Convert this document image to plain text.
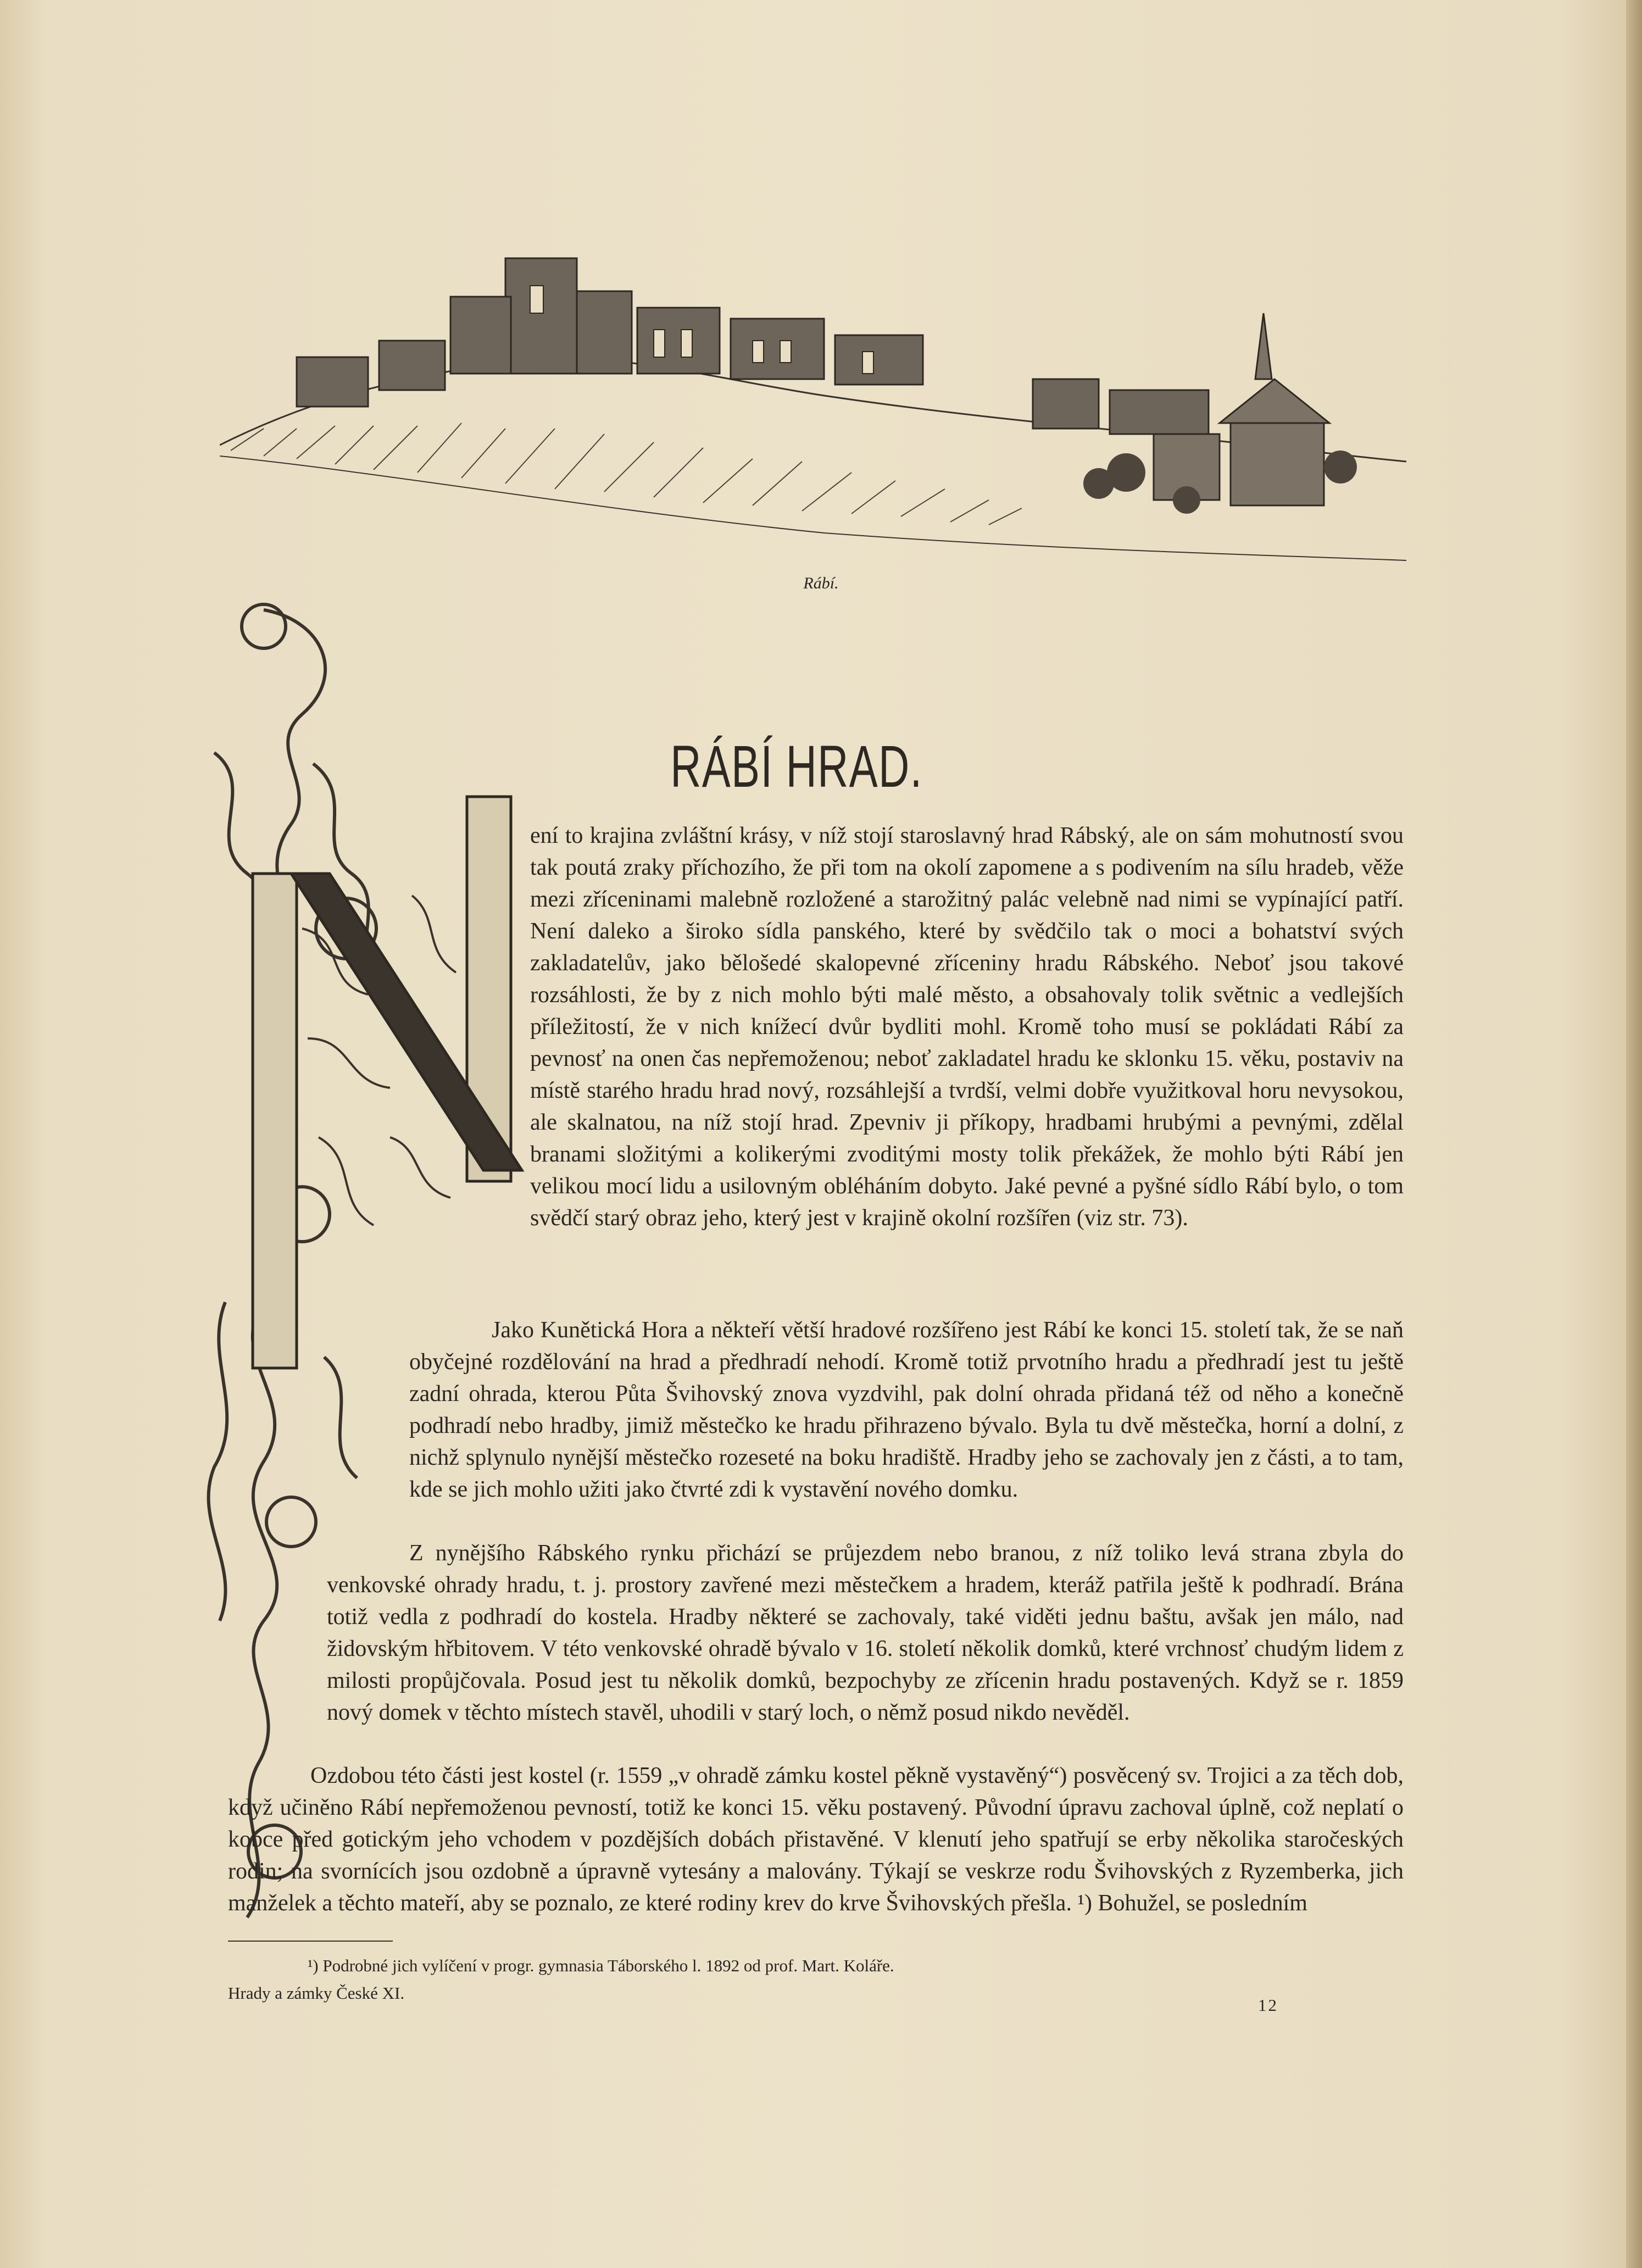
Rábí.
RÁBÍ HRAD.

ení to krajina zvláštní krásy, v níž stojí staroslavný hrad Rábský, ale on sám mohutností svou tak poutá zraky příchozího, že při tom na okolí zapomene a s podivením na sílu hradeb, věže mezi zříceninami malebně rozložené a starožitný palác velebně nad nimi se vypínající patří. Není daleko a široko sídla panského, které by svědčilo tak o moci a bohatství svých zakladatelův, jako bělošedé skalopevné zříceniny hradu Rábského. Neboť jsou takové rozsáhlosti, že by z nich mohlo býti malé město, a obsahovaly tolik světnic a vedlejších příležitostí, že v nich knížecí dvůr bydliti mohl. Kromě toho musí se pokládati Rábí za pevnosť na onen čas nepřemoženou; neboť zakladatel hradu ke sklonku 15. věku, postaviv na místě starého hradu hrad nový, rozsáhlejší a tvrdší, velmi dobře využitkoval horu nevysokou, ale skalnatou, na níž stojí hrad. Zpevniv ji příkopy, hradbami hrubými a pevnými, zdělal branami složitými a kolikerými zvoditými mosty tolik překážek, že mohlo býti Rábí jen velikou mocí lidu a usilovným obléháním dobyto. Jaké pevné a pyšné sídlo Rábí bylo, o tom svědčí starý obraz jeho, který jest v krajině okolní rozšířen (viz str. 73).

Jako Kunětická Hora a někteří větší hradové rozšířeno jest Rábí ke konci 15. století tak, že se naň obyčejné rozdělování na hrad a předhradí nehodí. Kromě totiž prvotního hradu a předhradí jest tu ještě zadní ohrada, kterou Půta Švihovský znova vyzdvihl, pak dolní ohrada přidaná též od něho a konečně podhradí nebo hradby, jimiž městečko ke hradu přihrazeno bývalo. Byla tu dvě městečka, horní a dolní, z nichž splynulo nynější městečko rozeseté na boku hradiště. Hradby jeho se zachovaly jen z části, a to tam, kde se jich mohlo užiti jako čtvrté zdi k vystavění nového domku.

Z nynějšího Rábského rynku přichází se průjezdem nebo branou, z níž toliko levá strana zbyla do venkovské ohrady hradu, t. j. prostory zavřené mezi městečkem a hradem, kteráž patřila ještě k podhradí. Brána totiž vedla z podhradí do kostela. Hradby některé se zachovaly, také viděti jednu baštu, avšak jen málo, nad židovským hřbitovem. V této venkovské ohradě bývalo v 16. století několik domků, které vrchnosť chudým lidem z milosti propůjčovala. Posud jest tu několik domků, bezpochyby ze zřícenin hradu postavených. Když se r. 1859 nový domek v těchto místech stavěl, uhodili v starý loch, o němž posud nikdo nevěděl.

Ozdobou této části jest kostel (r. 1559 „v ohradě zámku kostel pěkně vystavěný“) posvěcený sv. Trojici a za těch dob, když učiněno Rábí nepřemoženou pevností, totiž ke konci 15. věku postavený. Původní úpravu zachoval úplně, což neplatí o kobce před gotickým jeho vchodem v pozdějších dobách přistavěné. V klenutí jeho spatřují se erby několika staročeských rodin; na svornících jsou ozdobně a úpravně vytesány a malovány. Týkají se veskrze rodu Švihovských z Ryzemberka, jich manželek a těchto mateří, aby se poznalo, ze které rodiny krev do krve Švihovských přešla. ¹) Bohužel, se posledním

¹) Podrobné jich vylíčení v progr. gymnasia Táborského l. 1892 od prof. Mart. Koláře.
Hrady a zámky České XI.
12
